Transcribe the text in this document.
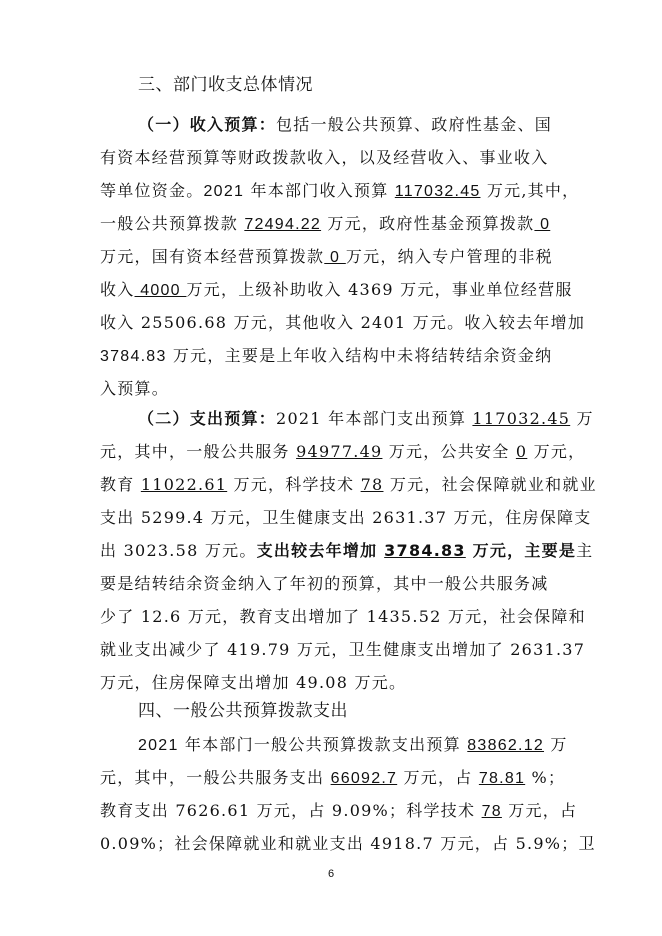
三、部门收支总体情况
（一）收入预算：包括一般公共预算、政府性基金、国
有资本经营预算等财政拨款收入，以及经营收入、事业收入
等单位资金。2021 年本部门收入预算 117032.45 万元,其中，
一般公共预算拨款 72494.22 万元，政府性基金预算拨款 0
万元，国有资本经营预算拨款 0 万元，纳入专户管理的非税
收入 4000 万元，上级补助收入 4369 万元，事业单位经营服
收入 25506.68 万元，其他收入 2401 万元。收入较去年增加
3784.83 万元，主要是上年收入结构中未将结转结余资金纳
入预算。
（二）支出预算：2021 年本部门支出预算 117032.45 万
元，其中，一般公共服务 94977.49 万元，公共安全 0 万元，
教育 11022.61 万元，科学技术 78 万元，社会保障就业和就业
支出 5299.4 万元，卫生健康支出 2631.37 万元，住房保障支
出 3023.58 万元。支出较去年增加 3784.83 万元，主要是主
要是结转结余资金纳入了年初的预算，其中一般公共服务减
少了 12.6 万元，教育支出增加了 1435.52 万元，社会保障和
就业支出减少了 419.79 万元，卫生健康支出增加了 2631.37
万元，住房保障支出增加 49.08 万元。
四、一般公共预算拨款支出
2021 年本部门一般公共预算拨款支出预算 83862.12 万
元，其中，一般公共服务支出 66092.7 万元，占 78.81 %；
教育支出 7626.61 万元，占 9.09%；科学技术 78 万元，占
0.09%；社会保障就业和就业支出 4918.7 万元，占 5.9%；卫
6
